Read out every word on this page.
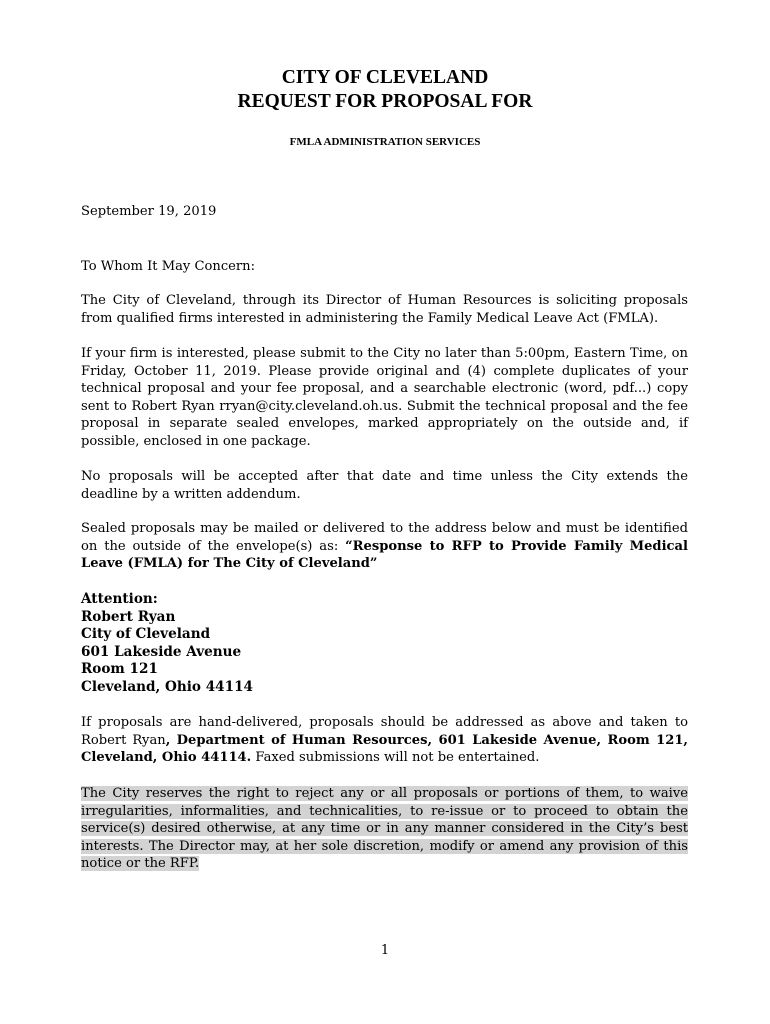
CITY OF CLEVELAND
REQUEST FOR PROPOSAL FOR
FMLA ADMINISTRATION SERVICES

September 19, 2019

To Whom It May Concern:

The City of Cleveland, through its Director of Human Resources is soliciting proposals from qualified firms interested in administering the Family Medical Leave Act (FMLA).

If your firm is interested, please submit to the City no later than 5:00pm, Eastern Time, on Friday, October 11, 2019. Please provide original and (4) complete duplicates of your technical proposal and your fee proposal, and a searchable electronic (word, pdf...) copy sent to Robert Ryan rryan@city.cleveland.oh.us. Submit the technical proposal and the fee proposal in separate sealed envelopes, marked appropriately on the outside and, if possible, enclosed in one package.

No proposals will be accepted after that date and time unless the City extends the deadline by a written addendum.

Sealed proposals may be mailed or delivered to the address below and must be identified on the outside of the envelope(s) as: “Response to RFP to Provide Family Medical Leave (FMLA) for The City of Cleveland”

Attention:
Robert Ryan
City of Cleveland
601 Lakeside Avenue
Room 121
Cleveland, Ohio 44114

If proposals are hand-delivered, proposals should be addressed as above and taken to Robert Ryan, Department of Human Resources, 601 Lakeside Avenue, Room 121, Cleveland, Ohio 44114. Faxed submissions will not be entertained.

The City reserves the right to reject any or all proposals or portions of them, to waive irregularities, informalities, and technicalities, to re-issue or to proceed to obtain the service(s) desired otherwise, at any time or in any manner considered in the City’s best interests. The Director may, at her sole discretion, modify or amend any provision of this notice or the RFP.

1
